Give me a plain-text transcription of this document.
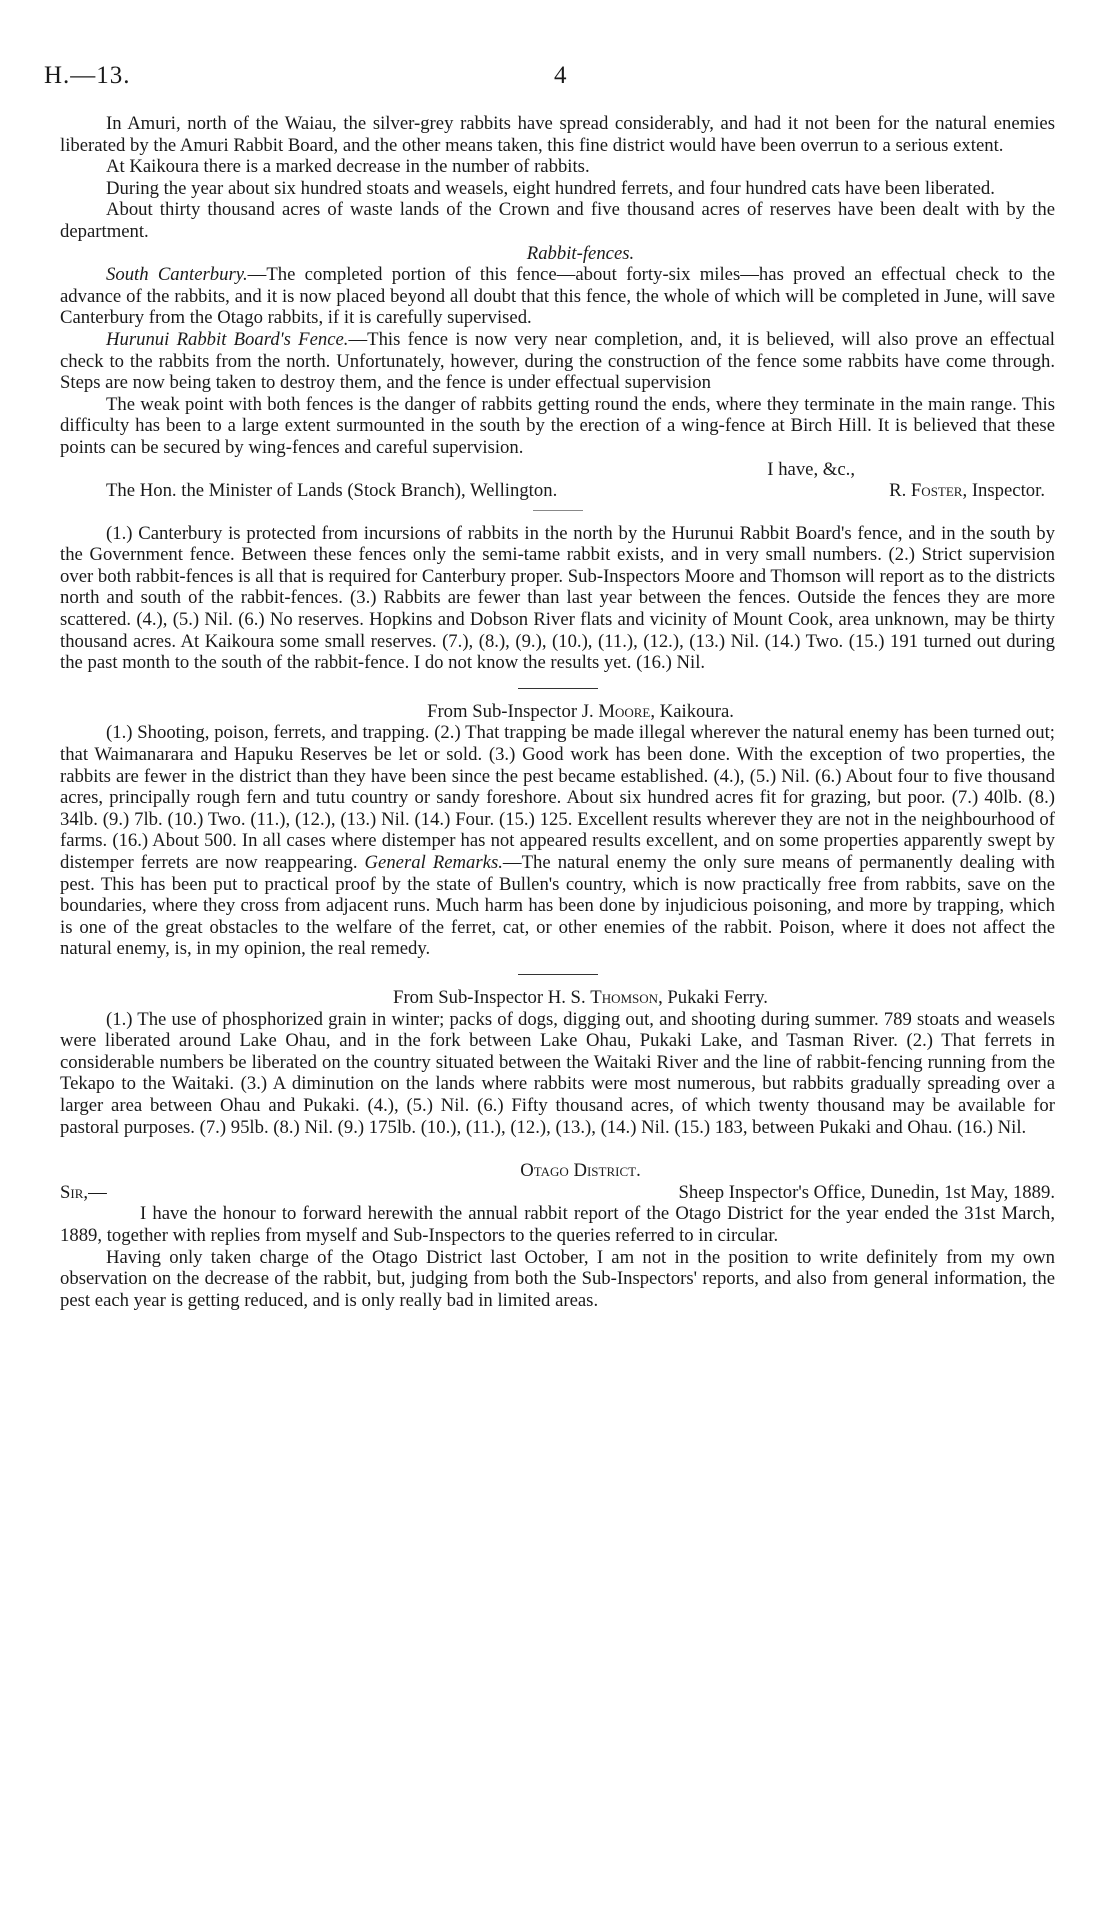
H.—13.	4

In Amuri, north of the Waiau, the silver-grey rabbits have spread considerably, and had it not been for the natural enemies liberated by the Amuri Rabbit Board, and the other means taken, this fine district would have been overrun to a serious extent.

At Kaikoura there is a marked decrease in the number of rabbits.

During the year about six hundred stoats and weasels, eight hundred ferrets, and four hundred cats have been liberated.

About thirty thousand acres of waste lands of the Crown and five thousand acres of reserves have been dealt with by the department.

Rabbit-fences.

South Canterbury.—The completed portion of this fence—about forty-six miles—has proved an effectual check to the advance of the rabbits, and it is now placed beyond all doubt that this fence, the whole of which will be completed in June, will save Canterbury from the Otago rabbits, if it is carefully supervised.

Hurunui Rabbit Board's Fence.—This fence is now very near completion, and, it is believed, will also prove an effectual check to the rabbits from the north. Unfortunately, however, during the construction of the fence some rabbits have come through. Steps are now being taken to destroy them, and the fence is under effectual supervision

The weak point with both fences is the danger of rabbits getting round the ends, where they terminate in the main range. This difficulty has been to a large extent surmounted in the south by the erection of a wing-fence at Birch Hill. It is believed that these points can be secured by wing-fences and careful supervision.

I have, &c.,
The Hon. the Minister of Lands (Stock Branch), Wellington.	R. Foster, Inspector.

(1.) Canterbury is protected from incursions of rabbits in the north by the Hurunui Rabbit Board's fence, and in the south by the Government fence. Between these fences only the semi-tame rabbit exists, and in very small numbers. (2.) Strict supervision over both rabbit-fences is all that is required for Canterbury proper. Sub-Inspectors Moore and Thomson will report as to the districts north and south of the rabbit-fences. (3.) Rabbits are fewer than last year between the fences. Outside the fences they are more scattered. (4.), (5.) Nil. (6.) No reserves. Hopkins and Dobson River flats and vicinity of Mount Cook, area unknown, may be thirty thousand acres. At Kaikoura some small reserves. (7.), (8.), (9.), (10.), (11.), (12.), (13.) Nil. (14.) Two. (15.) 191 turned out during the past month to the south of the rabbit-fence. I do not know the results yet. (16.) Nil.

From Sub-Inspector J. Moore, Kaikoura.

(1.) Shooting, poison, ferrets, and trapping. (2.) That trapping be made illegal wherever the natural enemy has been turned out; that Waimanarara and Hapuku Reserves be let or sold. (3.) Good work has been done. With the exception of two properties, the rabbits are fewer in the district than they have been since the pest became established. (4.), (5.) Nil. (6.) About four to five thousand acres, principally rough fern and tutu country or sandy foreshore. About six hundred acres fit for grazing, but poor. (7.) 40lb. (8.) 34lb. (9.) 7lb. (10.) Two. (11.), (12.), (13.) Nil. (14.) Four. (15.) 125. Excellent results wherever they are not in the neighbourhood of farms. (16.) About 500. In all cases where distemper has not appeared results excellent, and on some properties apparently swept by distemper ferrets are now reappearing. General Remarks.—The natural enemy the only sure means of permanently dealing with pest. This has been put to practical proof by the state of Bullen's country, which is now practically free from rabbits, save on the boundaries, where they cross from adjacent runs. Much harm has been done by injudicious poisoning, and more by trapping, which is one of the great obstacles to the welfare of the ferret, cat, or other enemies of the rabbit. Poison, where it does not affect the natural enemy, is, in my opinion, the real remedy.

From Sub-Inspector H. S. Thomson, Pukaki Ferry.

(1.) The use of phosphorized grain in winter; packs of dogs, digging out, and shooting during summer. 789 stoats and weasels were liberated around Lake Ohau, and in the fork between Lake Ohau, Pukaki Lake, and Tasman River. (2.) That ferrets in considerable numbers be liberated on the country situated between the Waitaki River and the line of rabbit-fencing running from the Tekapo to the Waitaki. (3.) A diminution on the lands where rabbits were most numerous, but rabbits gradually spreading over a larger area between Ohau and Pukaki. (4.), (5.) Nil. (6.) Fifty thousand acres, of which twenty thousand may be available for pastoral purposes. (7.) 95lb. (8.) Nil. (9.) 175lb. (10.), (11.), (12.), (13.), (14.) Nil. (15.) 183, between Pukaki and Ohau. (16.) Nil.

Otago District.

Sir,—	Sheep Inspector's Office, Dunedin, 1st May, 1889.

I have the honour to forward herewith the annual rabbit report of the Otago District for the year ended the 31st March, 1889, together with replies from myself and Sub-Inspectors to the queries referred to in circular.

Having only taken charge of the Otago District last October, I am not in the position to write definitely from my own observation on the decrease of the rabbit, but, judging from both the Sub-Inspectors' reports, and also from general information, the pest each year is getting reduced, and is only really bad in limited areas.
